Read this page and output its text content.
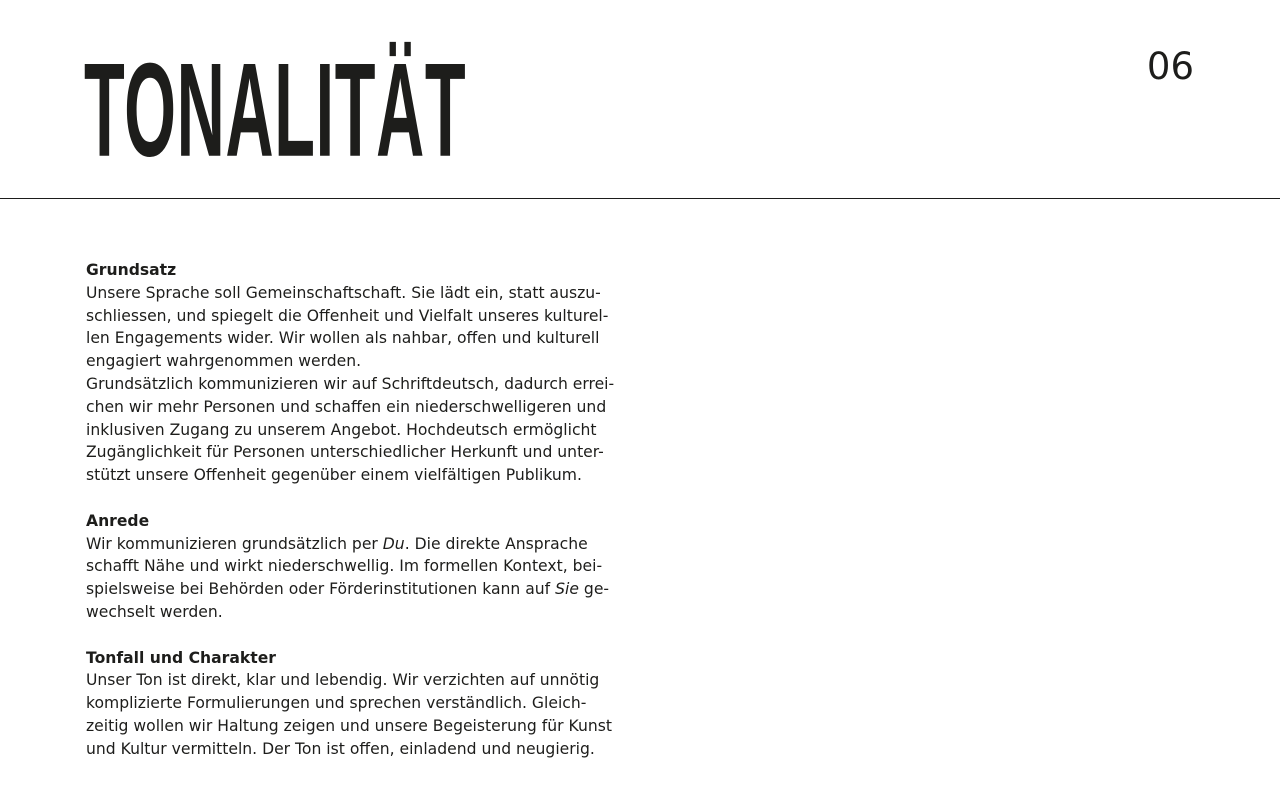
TONALITÄT	06

Grundsatz

Unsere Sprache soll Gemeinschaftschaft. Sie lädt ein, statt auszu-
schliessen, und spiegelt die Offenheit und Vielfalt unseres kulturel-
len Engagements wider. Wir wollen als nahbar, offen und kulturell
engagiert wahrgenommen werden.
Grundsätzlich kommunizieren wir auf Schriftdeutsch, dadurch errei-
chen wir mehr Personen und schaffen ein niederschwelligeren und
inklusiven Zugang zu unserem Angebot. Hochdeutsch ermöglicht
Zugänglichkeit für Personen unterschiedlicher Herkunft und unter-
stützt unsere Offenheit gegenüber einem vielfältigen Publikum.

Anrede

Wir kommunizieren grundsätzlich per Du. Die direkte Ansprache
schafft Nähe und wirkt niederschwellig. Im formellen Kontext, bei-
spielsweise bei Behörden oder Förderinstitutionen kann auf Sie ge-
wechselt werden.

Tonfall und Charakter

Unser Ton ist direkt, klar und lebendig. Wir verzichten auf unnötig
komplizierte Formulierungen und sprechen verständlich. Gleich-
zeitig wollen wir Haltung zeigen und unsere Begeisterung für Kunst
und Kultur vermitteln. Der Ton ist offen, einladend und neugierig.
